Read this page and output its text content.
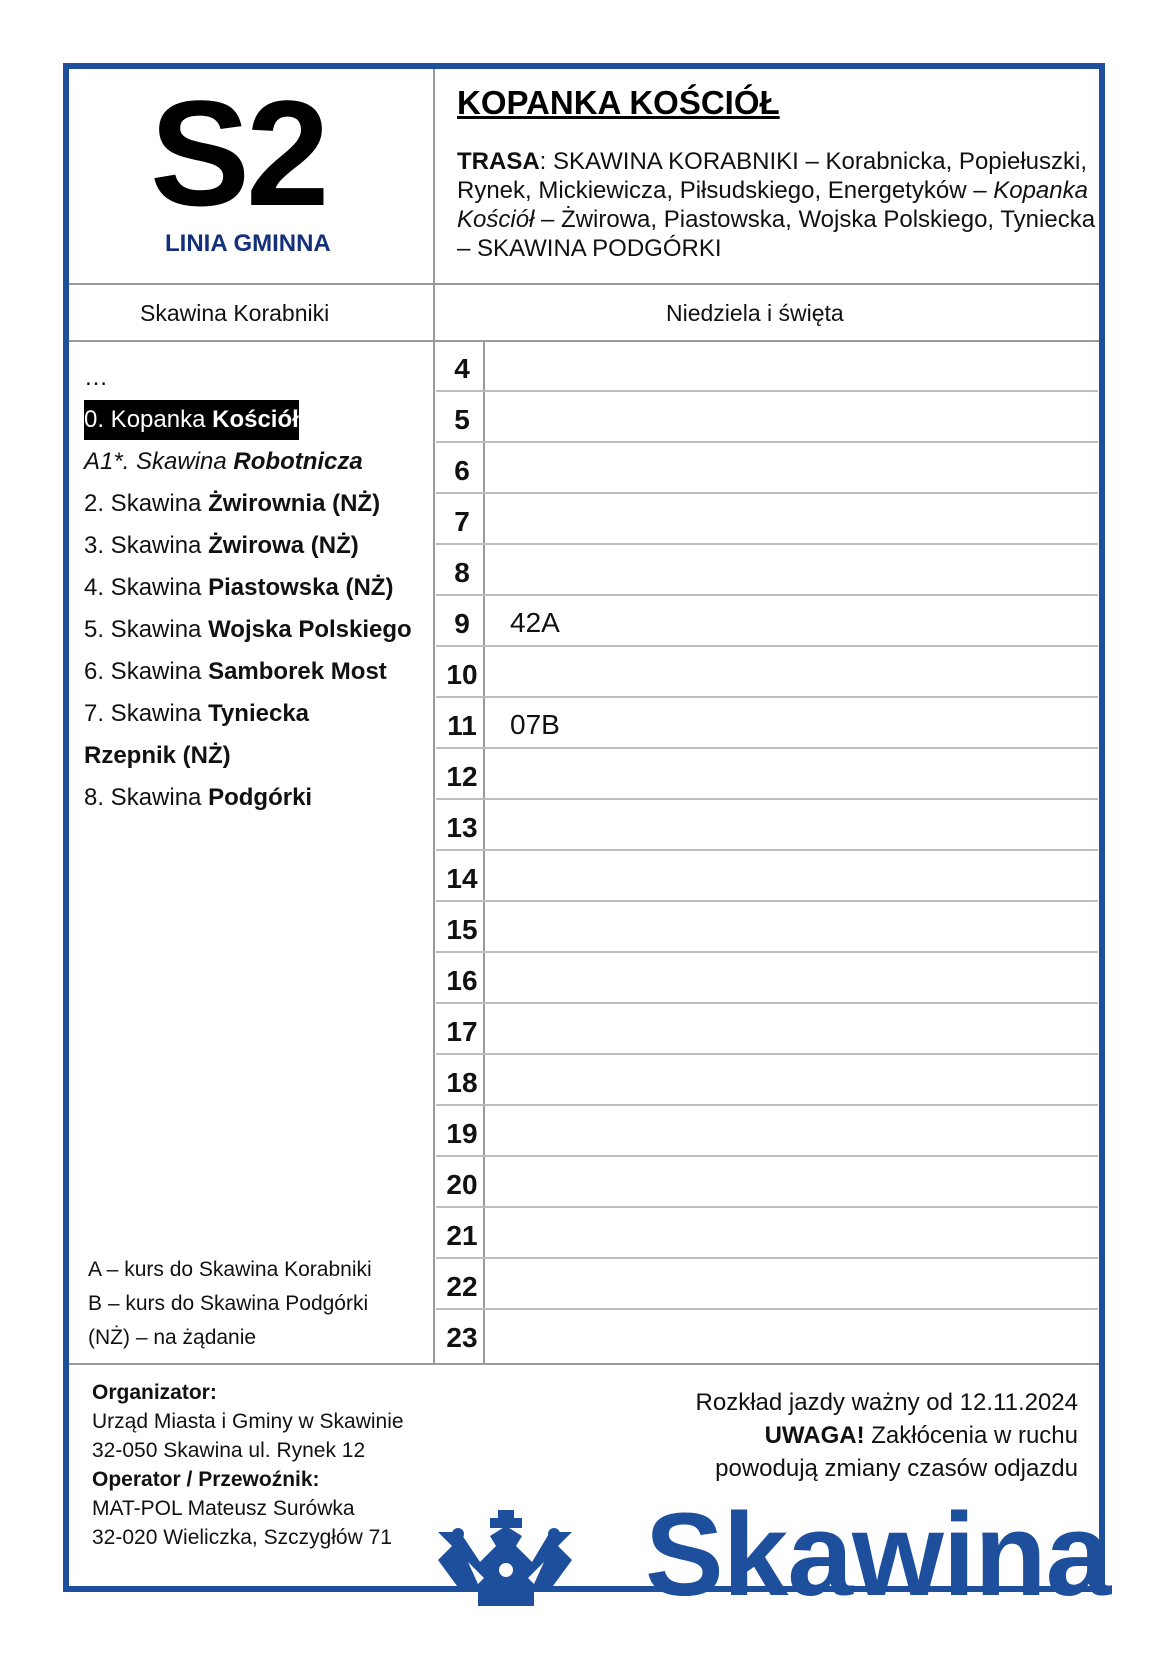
S2
LINIA GMINNA
KOPANKA KOŚCIÓŁ
TRASA: SKAWINA KORABNIKI – Korabnicka, Popiełuszki, Rynek, Mickiewicza, Piłsudskiego, Energetyków – Kopanka Kościół – Żwirowa, Piastowska, Wojska Polskiego, Tyniecka – SKAWINA PODGÓRKI
Skawina Korabniki	Niedziela i święta
…
0. Kopanka Kościół
A1*. Skawina Robotnicza
2. Skawina Żwirownia (NŻ)
3. Skawina Żwirowa (NŻ)
4. Skawina Piastowska (NŻ)
5. Skawina Wojska Polskiego
6. Skawina Samborek Most
7. Skawina Tyniecka
Rzepnik (NŻ)
8. Skawina Podgórki
A – kurs do Skawina Korabniki
B – kurs do Skawina Podgórki
(NŻ) – na żądanie
4
5
6
7
8
9	42A
10
11	07B
12
13
14
15
16
17
18
19
20
21
22
23
Organizator:
Urząd Miasta i Gminy w Skawinie
32-050 Skawina ul. Rynek 12
Operator / Przewoźnik:
MAT-POL Mateusz Surówka
32-020 Wieliczka, Szczygłów 71
Rozkład jazdy ważny od 12.11.2024
UWAGA! Zakłócenia w ruchu
powodują zmiany czasów odjazdu
Skawina
